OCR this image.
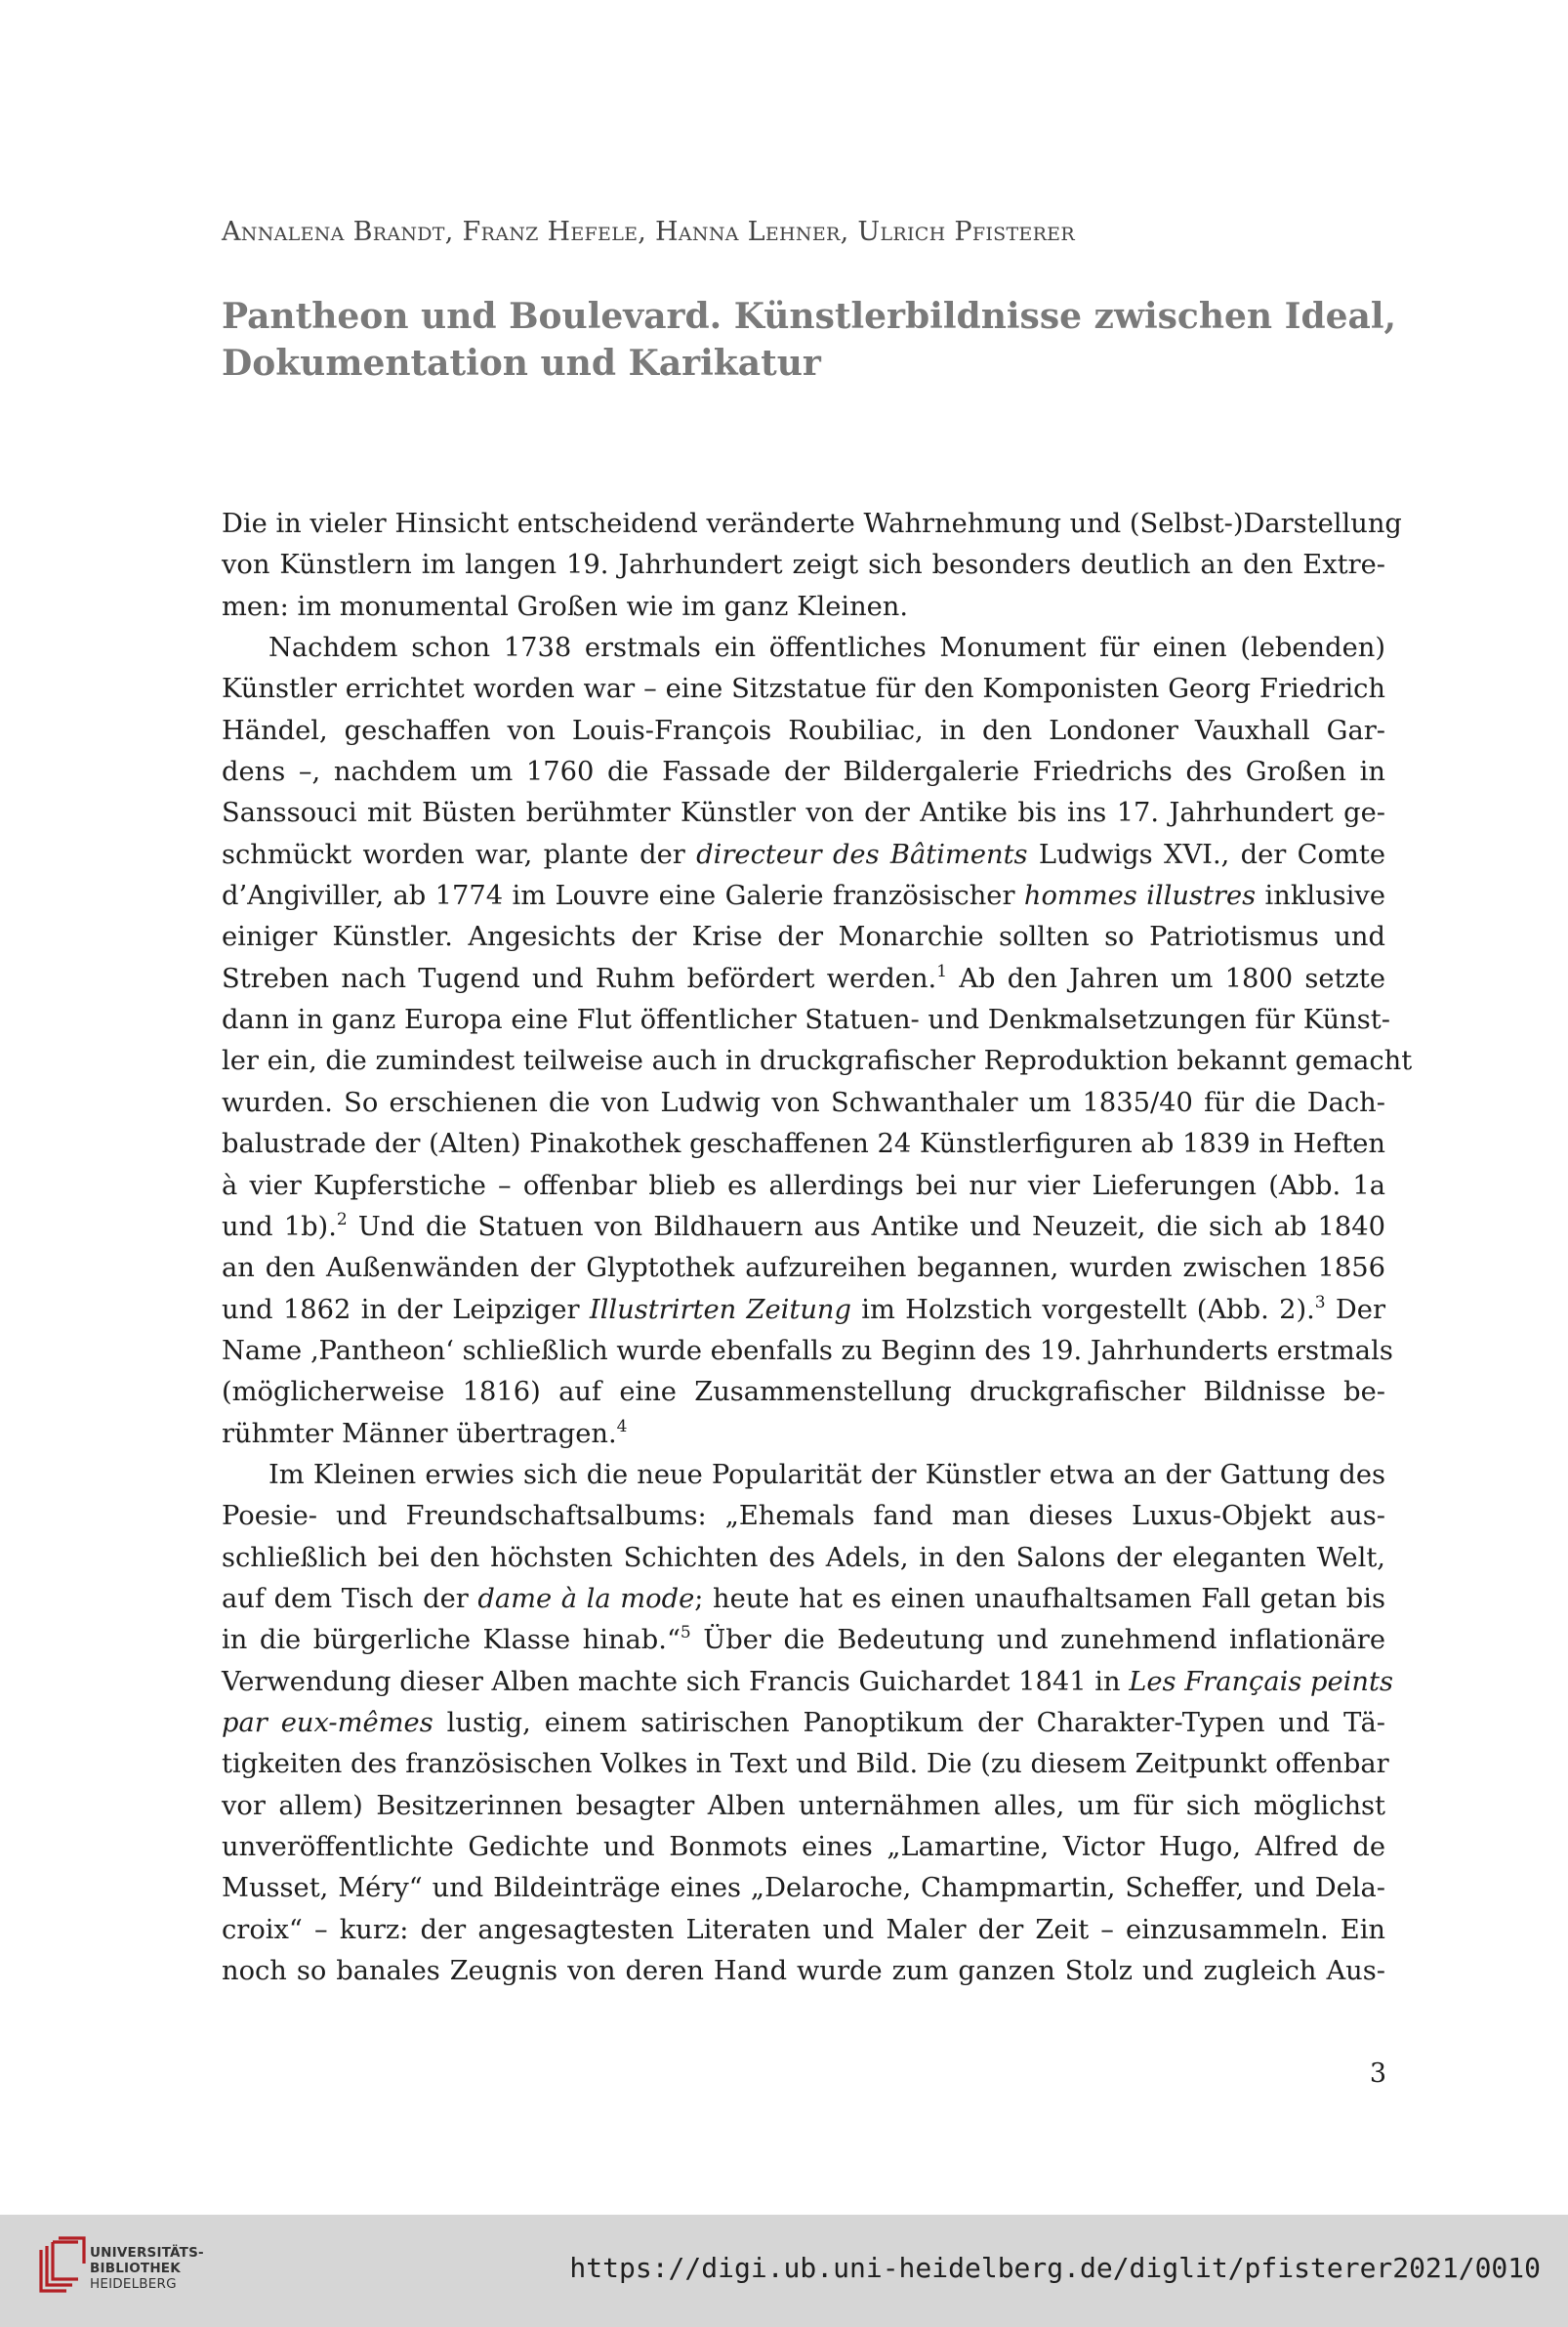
Annalena Brandt, Franz Hefele, Hanna Lehner, Ulrich Pfisterer
Pantheon und Boulevard. Künstlerbildnisse zwischen Ideal,
Dokumentation und Karikatur
Die in vieler Hinsicht entscheidend veränderte Wahrnehmung und (Selbst-)Darstellung
von Künstlern im langen 19. Jahrhundert zeigt sich besonders deutlich an den Extre-
men: im monumental Großen wie im ganz Kleinen.
Nachdem schon 1738 erstmals ein öffentliches Monument für einen (lebenden)
Künstler errichtet worden war – eine Sitzstatue für den Komponisten Georg Friedrich
Händel, geschaffen von Louis-François Roubiliac, in den Londoner Vauxhall Gar-
dens –, nachdem um 1760 die Fassade der Bildergalerie Friedrichs des Großen in
Sanssouci mit Büsten berühmter Künstler von der Antike bis ins 17. Jahrhundert ge-
schmückt worden war, plante der directeur des Bâtiments Ludwigs XVI., der Comte
d’Angiviller, ab 1774 im Louvre eine Galerie französischer hommes illustres inklusive
einiger Künstler. Angesichts der Krise der Monarchie sollten so Patriotismus und
Streben nach Tugend und Ruhm befördert werden.$^1$ Ab den Jahren um 1800 setzte
dann in ganz Europa eine Flut öffentlicher Statuen- und Denkmalsetzungen für Künst-
ler ein, die zumindest teilweise auch in druckgrafischer Reproduktion bekannt gemacht
wurden. So erschienen die von Ludwig von Schwanthaler um 1835/40 für die Dach-
balustrade der (Alten) Pinakothek geschaffenen 24 Künstlerfiguren ab 1839 in Heften
à vier Kupferstiche – offenbar blieb es allerdings bei nur vier Lieferungen (Abb. 1a
und 1b).$^2$ Und die Statuen von Bildhauern aus Antike und Neuzeit, die sich ab 1840
an den Außenwänden der Glyptothek aufzureihen begannen, wurden zwischen 1856
und 1862 in der Leipziger Illustrirten Zeitung im Holzstich vorgestellt (Abb. 2).$^3$ Der
Name ‚Pantheon‘ schließlich wurde ebenfalls zu Beginn des 19. Jahrhunderts erstmals
(möglicherweise 1816) auf eine Zusammenstellung druckgrafischer Bildnisse be-
rühmter Männer übertragen.$^4$
Im Kleinen erwies sich die neue Popularität der Künstler etwa an der Gattung des
Poesie- und Freundschaftsalbums: „Ehemals fand man dieses Luxus-Objekt aus-
schließlich bei den höchsten Schichten des Adels, in den Salons der eleganten Welt,
auf dem Tisch der dame à la mode; heute hat es einen unaufhaltsamen Fall getan bis
in die bürgerliche Klasse hinab.“$^5$ Über die Bedeutung und zunehmend inflationäre
Verwendung dieser Alben machte sich Francis Guichardet 1841 in Les Français peints
par eux-mêmes lustig, einem satirischen Panoptikum der Charakter-Typen und Tä-
tigkeiten des französischen Volkes in Text und Bild. Die (zu diesem Zeitpunkt offenbar
vor allem) Besitzerinnen besagter Alben unternähmen alles, um für sich möglichst
unveröffentlichte Gedichte und Bonmots eines „Lamartine, Victor Hugo, Alfred de
Musset, Méry“ und Bildeinträge eines „Delaroche, Champmartin, Scheffer, und Dela-
croix“ – kurz: der angesagtesten Literaten und Maler der Zeit – einzusammeln. Ein
noch so banales Zeugnis von deren Hand wurde zum ganzen Stolz und zugleich Aus-
3
UNIVERSITÄTS-
BIBLIOTHEK
HEIDELBERG	https://digi.ub.uni-heidelberg.de/diglit/pfisterer2021/0010
